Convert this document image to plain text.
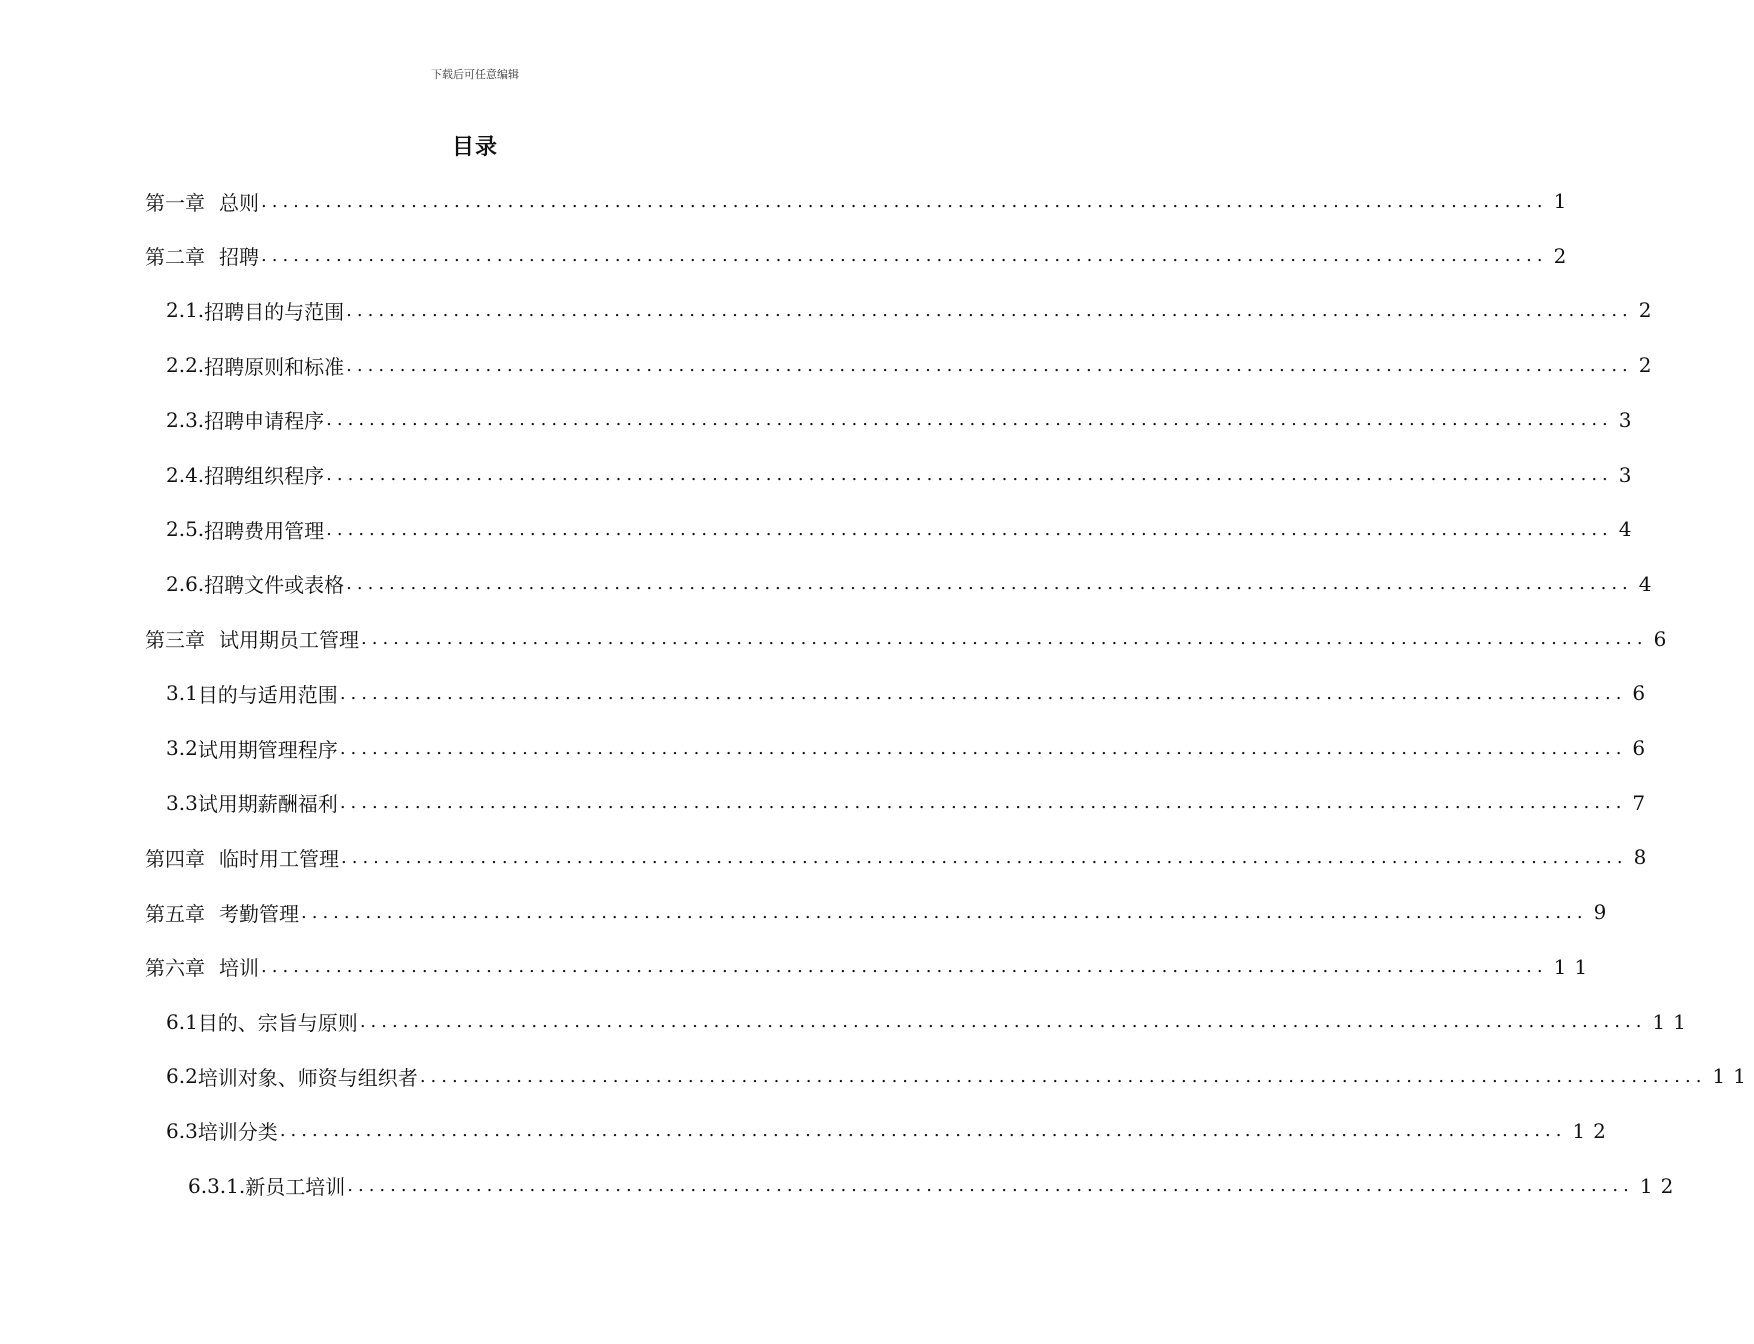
下载后可任意编辑
目录
第一章 总则 ........................................................................................................................ 1
第二章 招聘 ........................................................................................................................ 2
2.1. 招聘目的与范围 ........................................................................................................................ 2
2.2. 招聘原则和标准 ........................................................................................................................ 2
2.3. 招聘申请程序 ........................................................................................................................ 3
2.4. 招聘组织程序 ........................................................................................................................ 3
2.5. 招聘费用管理 ........................................................................................................................ 4
2.6. 招聘文件或表格 ........................................................................................................................ 4
第三章 试用期员工管理 ........................................................................................................................ 6
3.1 目的与适用范围 ........................................................................................................................ 6
3.2 试用期管理程序 ........................................................................................................................ 6
3.3 试用期薪酬福利 ........................................................................................................................ 7
第四章 临时用工管理 ........................................................................................................................ 8
第五章 考勤管理 ........................................................................................................................ 9
第六章 培训 ........................................................................................................................ 11
6.1 目的、宗旨与原则 ........................................................................................................................ 11
6.2 培训对象、师资与组织者 ........................................................................................................................ 11
6.3 培训分类 ........................................................................................................................ 12
6.3.1. 新员工培训 ........................................................................................................................ 12
